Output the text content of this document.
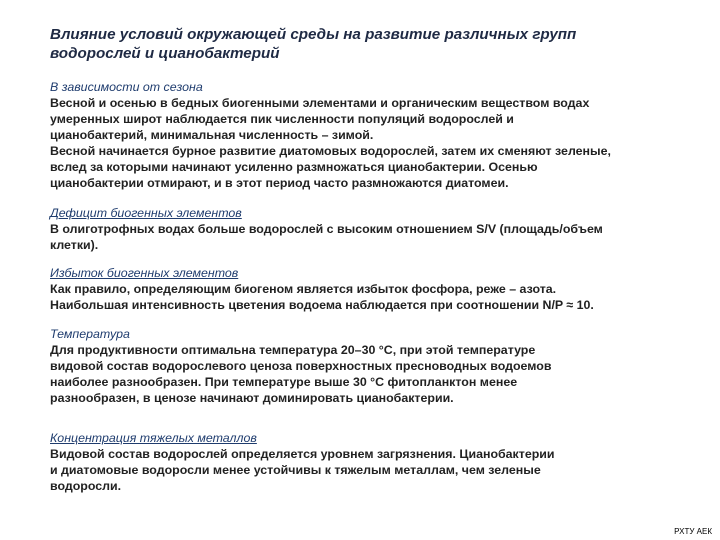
Влияние условий окружающей среды на развитие различных групп
водорослей и цианобактерий
В зависимости от сезона
Весной и осенью в бедных биогенными элементами и органическим веществом водах
умеренных широт наблюдается пик численности популяций водорослей и
цианобактерий, минимальная численность – зимой.
Весной начинается бурное развитие диатомовых водорослей, затем их сменяют зеленые,
вслед за которыми начинают усиленно размножаться цианобактерии. Осенью
цианобактерии отмирают, и в этот период часто размножаются диатомеи.
Дефицит биогенных элементов
В олиготрофных водах больше водорослей с высоким отношением S/V (площадь/объем
клетки).
Избыток биогенных элементов
Как правило, определяющим биогеном является избыток фосфора, реже – азота.
Наибольшая интенсивность цветения водоема наблюдается при соотношении N/P ≈ 10.
Температура
Для продуктивности оптимальна температура 20–30 °С, при этой температуре
видовой состав водорослевого ценоза поверхностных пресноводных водоемов
наиболее разнообразен. При температуре выше 30 °С фитопланктон менее
разнообразен, в ценозе начинают доминировать цианобактерии.
Концентрация тяжелых металлов
Видовой состав водорослей определяется уровнем загрязнения. Цианобактерии
и диатомовые водоросли менее устойчивы к тяжелым металлам, чем зеленые
водоросли.
РХТУ АЕК
